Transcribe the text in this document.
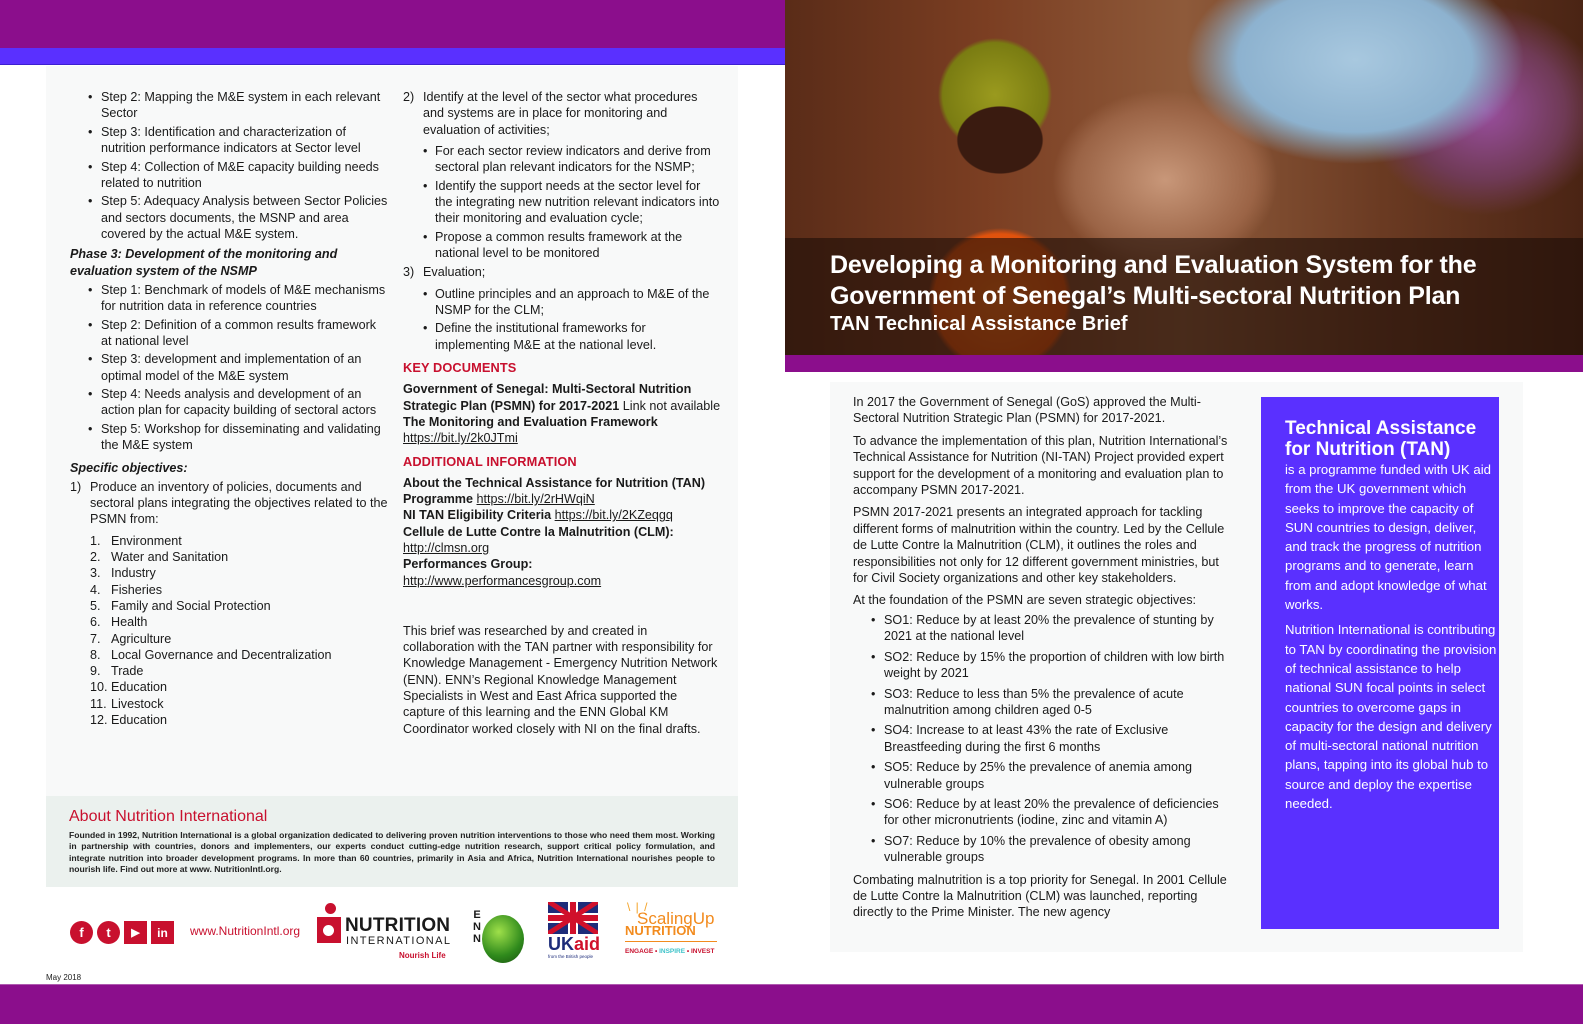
• Step 2: Mapping the M&E system in each relevant Sector
• Step 3: Identification and characterization of nutrition performance indicators at Sector level
• Step 4: Collection of M&E capacity building needs related to nutrition
• Step 5: Adequacy Analysis between Sector Policies and sectors documents, the MSNP and area covered by the actual M&E system.
Phase 3: Development of the monitoring and evaluation system of the NSMP
• Step 1: Benchmark of models of M&E mechanisms for nutrition data in reference countries
• Step 2: Definition of a common results framework at national level
• Step 3: development and implementation of an optimal model of the M&E system
• Step 4: Needs analysis and development of an action plan for capacity building of sectoral actors
• Step 5: Workshop for disseminating and validating the M&E system
Specific objectives:
1) Produce an inventory of policies, documents and sectoral plans integrating the objectives related to the PSMN from:
1. Environment
2. Water and Sanitation
3. Industry
4. Fisheries
5. Family and Social Protection
6. Health
7. Agriculture
8. Local Governance and Decentralization
9. Trade
10. Education
11. Livestock
12. Education
2) Identify at the level of the sector what procedures and systems are in place for monitoring and evaluation of activities;
• For each sector review indicators and derive from sectoral plan relevant indicators for the NSMP;
• Identify the support needs at the sector level for the integrating new nutrition relevant indicators into their monitoring and evaluation cycle;
• Propose a common results framework at the national level to be monitored
3) Evaluation;
• Outline principles and an approach to M&E of the NSMP for the CLM;
• Define the institutional frameworks for implementing M&E at the national level.
KEY DOCUMENTS
Government of Senegal: Multi-Sectoral Nutrition Strategic Plan (PSMN) for 2017-2021 Link not available
The Monitoring and Evaluation Framework
https://bit.ly/2k0JTmi
ADDITIONAL INFORMATION
About the Technical Assistance for Nutrition (TAN) Programme https://bit.ly/2rHWqiN
NI TAN Eligibility Criteria https://bit.ly/2KZeqgq
Cellule de Lutte Contre la Malnutrition (CLM):
http://clmsn.org
Performances Group:
http://www.performancesgroup.com

This brief was researched by and created in collaboration with the TAN partner with responsibility for Knowledge Management - Emergency Nutrition Network (ENN). ENN’s Regional Knowledge Management Specialists in West and East Africa supported the capture of this learning and the ENN Global KM Coordinator worked closely with NI on the final drafts.

About Nutrition International

Founded in 1992, Nutrition International is a global organization dedicated to delivering proven nutrition interventions to those who need them most. Working in partnership with countries, donors and implementers, our experts conduct cutting-edge nutrition research, support critical policy formulation, and integrate nutrition into broader development programs. In more than 60 countries, primarily in Asia and Africa, Nutrition International nourishes people to nourish life. Find out more at www. NutritionIntl.org.

f	t	▶	in	www.NutritionIntl.org NUTRITION
INTERNATIONAL
Nourish Life
E N N	UKaid
from the British people
\ | /
ScalingUp
NUTRITION
ENGAGE • INSPIRE • INVEST
May 2018
Developing a Monitoring and Evaluation System for the
Government of Senegal’s Multi-sectoral Nutrition Plan
TAN Technical Assistance Brief

In 2017 the Government of Senegal (GoS) approved the Multi-Sectoral Nutrition Strategic Plan (PSMN) for 2017-2021.

To advance the implementation of this plan, Nutrition International’s Technical Assistance for Nutrition (NI-TAN) Project provided expert support for the development of a monitoring and evaluation plan to accompany PSMN 2017-2021.

PSMN 2017-2021 presents an integrated approach for tackling different forms of malnutrition within the country. Led by the Cellule de Lutte Contre la Malnutrition (CLM), it outlines the roles and responsibilities not only for 12 different government ministries, but for Civil Society organizations and other key stakeholders.

At the foundation of the PSMN are seven strategic objectives:

• SO1: Reduce by at least 20% the prevalence of stunting by 2021 at the national level
• SO2: Reduce by 15% the proportion of children with low birth weight by 2021
• SO3: Reduce to less than 5% the prevalence of acute malnutrition among children aged 0-5
• SO4: Increase to at least 43% the rate of Exclusive Breastfeeding during the first 6 months
• SO5: Reduce by 25% the prevalence of anemia among vulnerable groups
• SO6: Reduce by at least 20% the prevalence of deficiencies for other micronutrients (iodine, zinc and vitamin A)
• SO7: Reduce by 10% the prevalence of obesity among vulnerable groups

Combating malnutrition is a top priority for Senegal. In 2001 Cellule de Lutte Contre la Malnutrition (CLM) was launched, reporting directly to the Prime Minister. The new agency

Technical Assistance for Nutrition (TAN)

is a programme funded with UK aid from the UK government which seeks to improve the capacity of SUN countries to design, deliver, and track the progress of nutrition programs and to generate, learn from and adopt knowledge of what works.

Nutrition International is contributing to TAN by coordinating the provision of technical assistance to help national SUN focal points in select countries to overcome gaps in capacity for the design and delivery of multi-sectoral national nutrition plans, tapping into its global hub to source and deploy the expertise needed.
